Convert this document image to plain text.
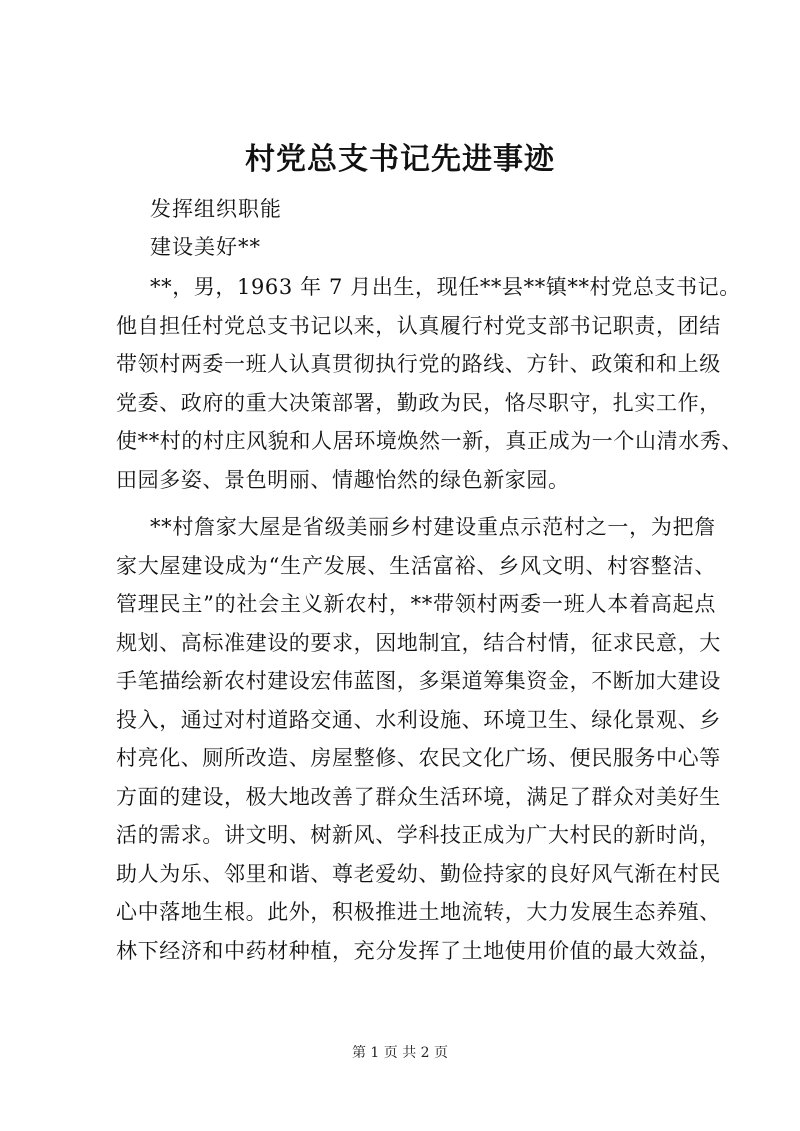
村党总支书记先进事迹
发挥组织职能
建设美好**
**，男，1963 年 7 月出生，现任**县**镇**村党总支书记。
他自担任村党总支书记以来，认真履行村党支部书记职责，团结
带领村两委一班人认真贯彻执行党的路线、方针、政策和和上级
党委、政府的重大决策部署，勤政为民，恪尽职守，扎实工作，
使**村的村庄风貌和人居环境焕然一新，真正成为一个山清水秀、
田园多姿、景色明丽、情趣怡然的绿色新家园。
**村詹家大屋是省级美丽乡村建设重点示范村之一，为把詹
家大屋建设成为“生产发展、生活富裕、乡风文明、村容整洁、
管理民主”的社会主义新农村，**带领村两委一班人本着高起点
规划、高标准建设的要求，因地制宜，结合村情，征求民意，大
手笔描绘新农村建设宏伟蓝图，多渠道筹集资金，不断加大建设
投入，通过对村道路交通、水利设施、环境卫生、绿化景观、乡
村亮化、厕所改造、房屋整修、农民文化广场、便民服务中心等
方面的建设，极大地改善了群众生活环境，满足了群众对美好生
活的需求。讲文明、树新风、学科技正成为广大村民的新时尚，
助人为乐、邻里和谐、尊老爱幼、勤俭持家的良好风气渐在村民
心中落地生根。此外，积极推进土地流转，大力发展生态养殖、
林下经济和中药材种植，充分发挥了土地使用价值的最大效益，
第 1 页 共 2 页
